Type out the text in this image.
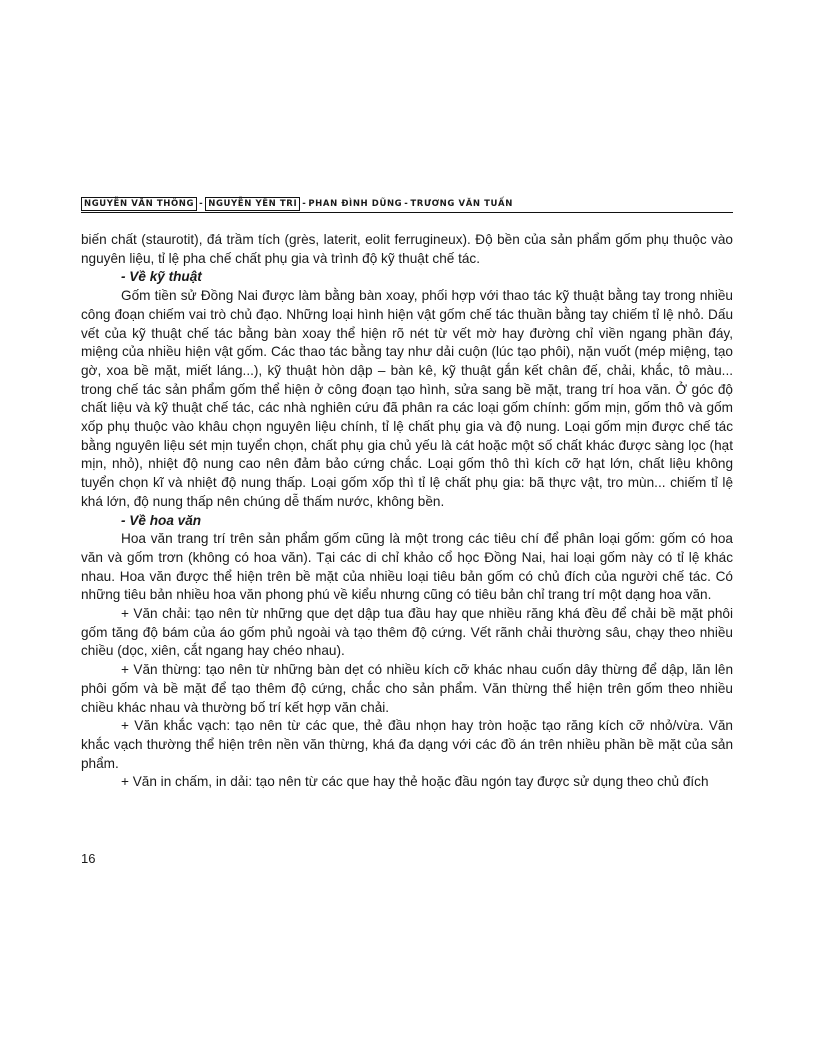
NGUYỄN VĂN THÔNG - NGUYỄN YÊN TRI - PHAN ĐÌNH DŨNG - TRƯƠNG VĂN TUẤN

biến chất (staurotit), đá trầm tích (grès, laterit, eolit ferrugineux). Độ bền của sản phẩm gốm phụ thuộc vào nguyên liệu, tỉ lệ pha chế chất phụ gia và trình độ kỹ thuật chế tác.

- Về kỹ thuật

Gốm tiền sử Đồng Nai được làm bằng bàn xoay, phối hợp với thao tác kỹ thuật bằng tay trong nhiều công đoạn chiếm vai trò chủ đạo. Những loại hình hiện vật gốm chế tác thuần bằng tay chiếm tỉ lệ nhỏ. Dấu vết của kỹ thuật chế tác bằng bàn xoay thể hiện rõ nét từ vết mờ hay đường chỉ viền ngang phần đáy, miệng của nhiều hiện vật gốm. Các thao tác bằng tay như dải cuộn (lúc tạo phôi), nặn vuốt (mép miệng, tạo gờ, xoa bề mặt, miết láng...), kỹ thuật hòn dập – bàn kê, kỹ thuật gắn kết chân đế, chải, khắc, tô màu... trong chế tác sản phẩm gốm thể hiện ở công đoạn tạo hình, sửa sang bề mặt, trang trí hoa văn. Ở góc độ chất liệu và kỹ thuật chế tác, các nhà nghiên cứu đã phân ra các loại gốm chính: gốm mịn, gốm thô và gốm xốp phụ thuộc vào khâu chọn nguyên liệu chính, tỉ lệ chất phụ gia và độ nung. Loại gốm mịn được chế tác bằng nguyên liệu sét mịn tuyển chọn, chất phụ gia chủ yếu là cát hoặc một số chất khác được sàng lọc (hạt mịn, nhỏ), nhiệt độ nung cao nên đảm bảo cứng chắc. Loại gốm thô thì kích cỡ hạt lớn, chất liệu không tuyển chọn kĩ và nhiệt độ nung thấp. Loại gốm xốp thì tỉ lệ chất phụ gia: bã thực vật, tro mùn... chiếm tỉ lệ khá lớn, độ nung thấp nên chúng dễ thấm nước, không bền.

- Về hoa văn

Hoa văn trang trí trên sản phẩm gốm cũng là một trong các tiêu chí để phân loại gốm: gốm có hoa văn và gốm trơn (không có hoa văn). Tại các di chỉ khảo cổ học Đồng Nai, hai loại gốm này có tỉ lệ khác nhau. Hoa văn được thể hiện trên bề mặt của nhiều loại tiêu bản gốm có chủ đích của người chế tác. Có những tiêu bản nhiều hoa văn phong phú về kiểu nhưng cũng có tiêu bản chỉ trang trí một dạng hoa văn.

+ Văn chải: tạo nên từ những que dẹt dập tua đầu hay que nhiều răng khá đều để chải bề mặt phôi gốm tăng độ bám của áo gốm phủ ngoài và tạo thêm độ cứng. Vết rãnh chải thường sâu, chạy theo nhiều chiều (dọc, xiên, cắt ngang hay chéo nhau).

+ Văn thừng: tạo nên từ những bàn dẹt có nhiều kích cỡ khác nhau cuốn dây thừng để dập, lăn lên phôi gốm và bề mặt để tạo thêm độ cứng, chắc cho sản phẩm. Văn thừng thể hiện trên gốm theo nhiều chiều khác nhau và thường bố trí kết hợp văn chải.

+ Văn khắc vạch: tạo nên từ các que, thẻ đầu nhọn hay tròn hoặc tạo răng kích cỡ nhỏ/vừa. Văn khắc vạch thường thể hiện trên nền văn thừng, khá đa dạng với các đồ án trên nhiều phần bề mặt của sản phẩm.

+ Văn in chấm, in dải: tạo nên từ các que hay thẻ hoặc đầu ngón tay được sử dụng theo chủ đích

16
